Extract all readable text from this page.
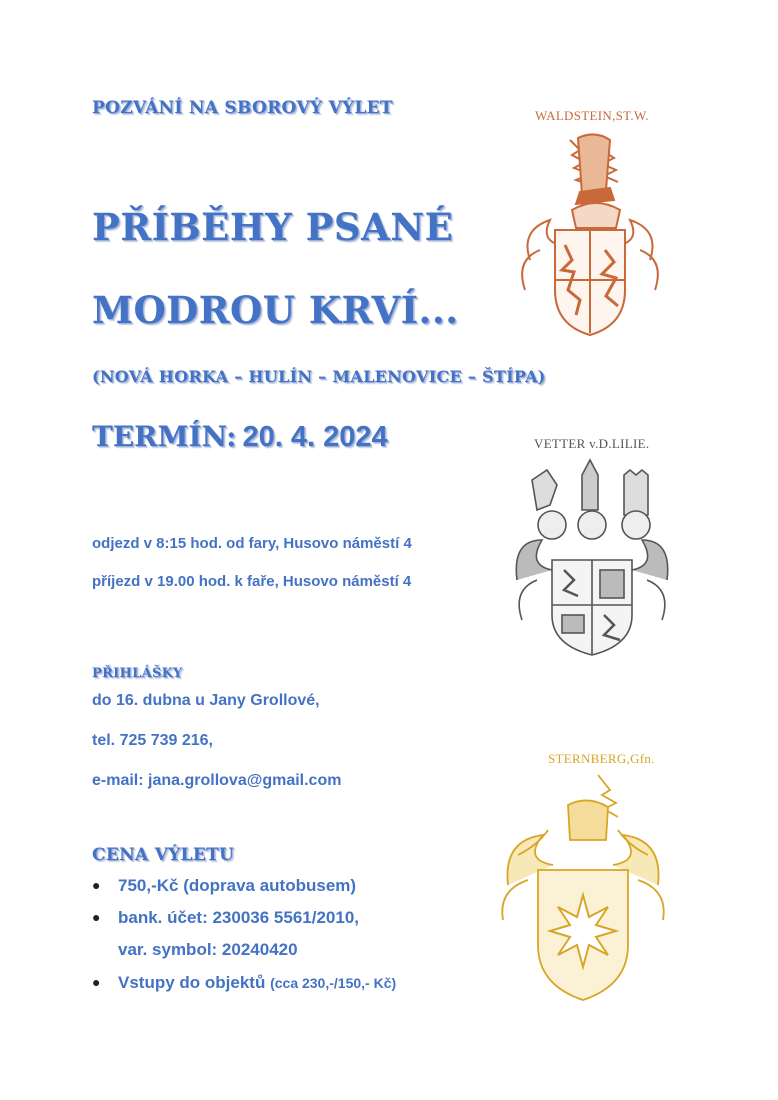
POZVÁNÍ NA SBOROVÝ VÝLET

PŘÍBĚHY PSANÉ

MODROU KRVÍ...

(NOVÁ HORKA – HULÍN – MALENOVICE – ŠTÍPA)

TERMÍN: 20. 4. 2024

odjezd v 8:15 hod. od fary, Husovo náměstí 4

příjezd v 19.00 hod. k faře, Husovo náměstí 4

PŘIHLÁŠKY

do 16. dubna u Jany Grollové,

tel. 725 739 216,

e-mail: jana.grollova@gmail.com

CENA VÝLETU

● 750,-Kč (doprava autobusem)
● bank. účet: 230036 5561/2010,
var. symbol: 20240420
● Vstupy do objektů (cca 230,-/150,- Kč)
WALDSTEIN,ST.W.
VETTER v.D.LILIE.
STERNBERG,Gfn.
